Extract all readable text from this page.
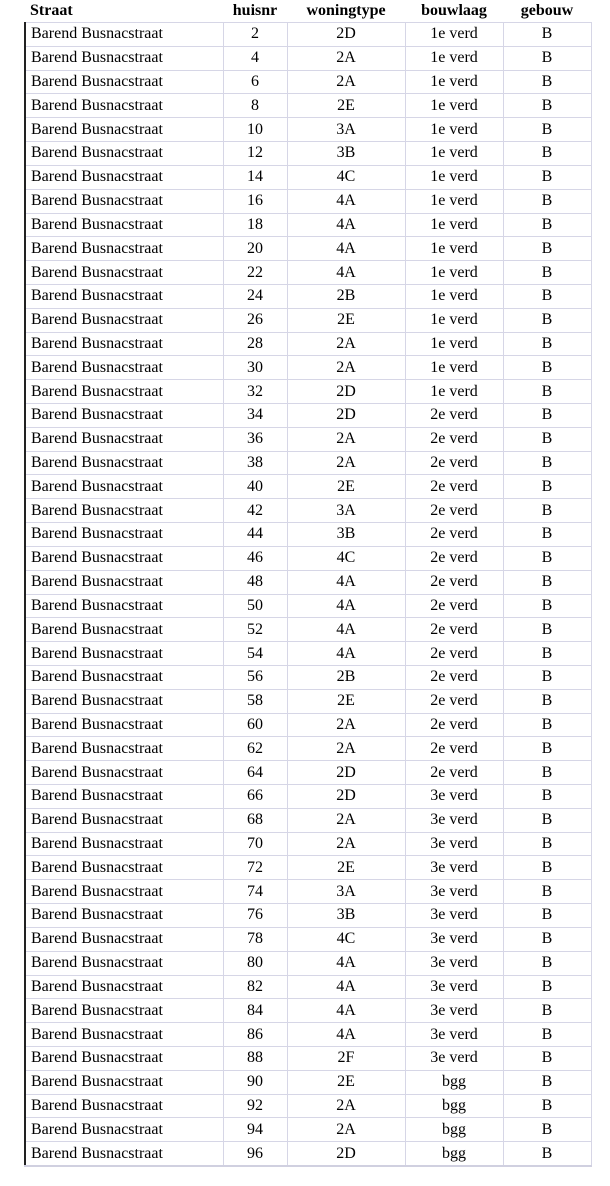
Straat	huisnr	woningtype	bouwlaag	gebouw
Barend Busnacstraat	2	2D	1e verd	B
Barend Busnacstraat	4	2A	1e verd	B
Barend Busnacstraat	6	2A	1e verd	B
Barend Busnacstraat	8	2E	1e verd	B
Barend Busnacstraat	10	3A	1e verd	B
Barend Busnacstraat	12	3B	1e verd	B
Barend Busnacstraat	14	4C	1e verd	B
Barend Busnacstraat	16	4A	1e verd	B
Barend Busnacstraat	18	4A	1e verd	B
Barend Busnacstraat	20	4A	1e verd	B
Barend Busnacstraat	22	4A	1e verd	B
Barend Busnacstraat	24	2B	1e verd	B
Barend Busnacstraat	26	2E	1e verd	B
Barend Busnacstraat	28	2A	1e verd	B
Barend Busnacstraat	30	2A	1e verd	B
Barend Busnacstraat	32	2D	1e verd	B
Barend Busnacstraat	34	2D	2e verd	B
Barend Busnacstraat	36	2A	2e verd	B
Barend Busnacstraat	38	2A	2e verd	B
Barend Busnacstraat	40	2E	2e verd	B
Barend Busnacstraat	42	3A	2e verd	B
Barend Busnacstraat	44	3B	2e verd	B
Barend Busnacstraat	46	4C	2e verd	B
Barend Busnacstraat	48	4A	2e verd	B
Barend Busnacstraat	50	4A	2e verd	B
Barend Busnacstraat	52	4A	2e verd	B
Barend Busnacstraat	54	4A	2e verd	B
Barend Busnacstraat	56	2B	2e verd	B
Barend Busnacstraat	58	2E	2e verd	B
Barend Busnacstraat	60	2A	2e verd	B
Barend Busnacstraat	62	2A	2e verd	B
Barend Busnacstraat	64	2D	2e verd	B
Barend Busnacstraat	66	2D	3e verd	B
Barend Busnacstraat	68	2A	3e verd	B
Barend Busnacstraat	70	2A	3e verd	B
Barend Busnacstraat	72	2E	3e verd	B
Barend Busnacstraat	74	3A	3e verd	B
Barend Busnacstraat	76	3B	3e verd	B
Barend Busnacstraat	78	4C	3e verd	B
Barend Busnacstraat	80	4A	3e verd	B
Barend Busnacstraat	82	4A	3e verd	B
Barend Busnacstraat	84	4A	3e verd	B
Barend Busnacstraat	86	4A	3e verd	B
Barend Busnacstraat	88	2F	3e verd	B
Barend Busnacstraat	90	2E	bgg	B
Barend Busnacstraat	92	2A	bgg	B
Barend Busnacstraat	94	2A	bgg	B
Barend Busnacstraat	96	2D	bgg	B
